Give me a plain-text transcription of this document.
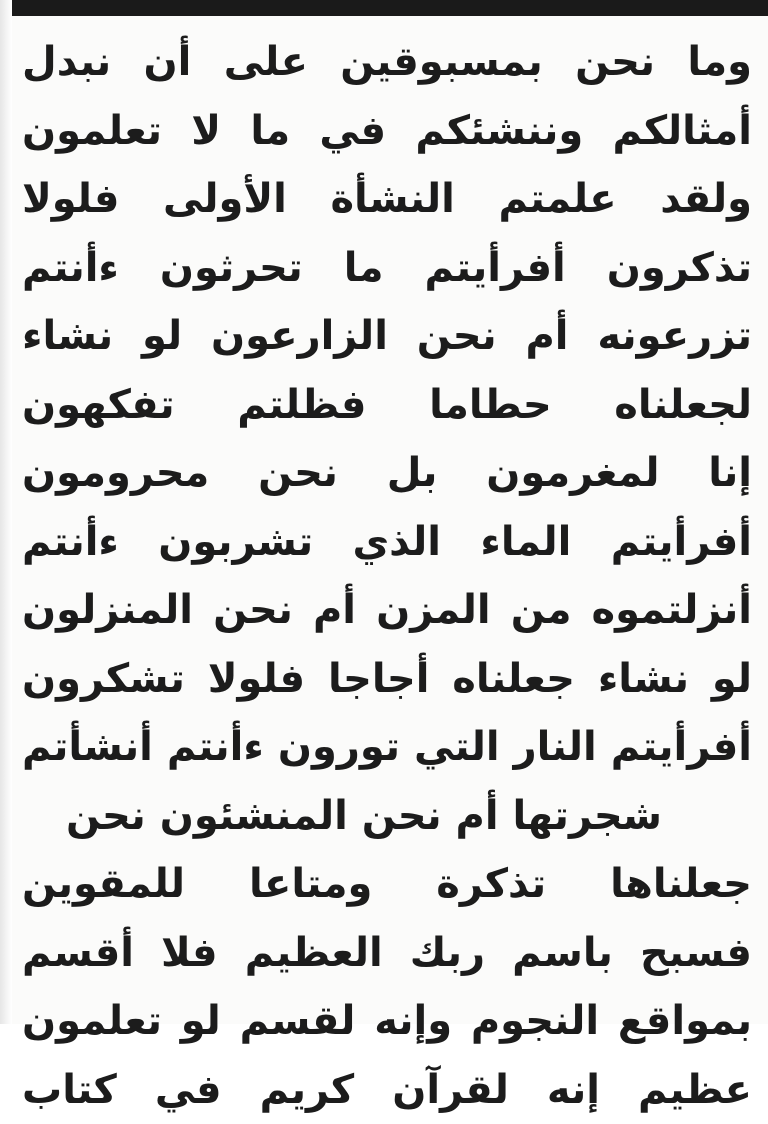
وما نحن بمسبوقين على أن نبدل
أمثالكم وننشئكم في ما لا تعلمون
ولقد علمتم النشأة الأولى فلولا
تذكرون أفرأيتم ما تحرثون ءأنتم
تزرعونه أم نحن الزارعون لو نشاء
لجعلناه حطاما فظلتم تفكهون
إنا لمغرمون بل نحن محرومون
أفرأيتم الماء الذي تشربون ءأنتم
أنزلتموه من المزن أم نحن المنزلون
لو نشاء جعلناه أجاجا فلولا تشكرون
أفرأيتم النار التي تورون ءأنتم أنشأتم
شجرتها أم نحن المنشئون نحن
جعلناها تذكرة ومتاعا للمقوين
فسبح باسم ربك العظيم فلا أقسم
بمواقع النجوم وإنه لقسم لو تعلمون
عظيم إنه لقرآن كريم في كتاب
